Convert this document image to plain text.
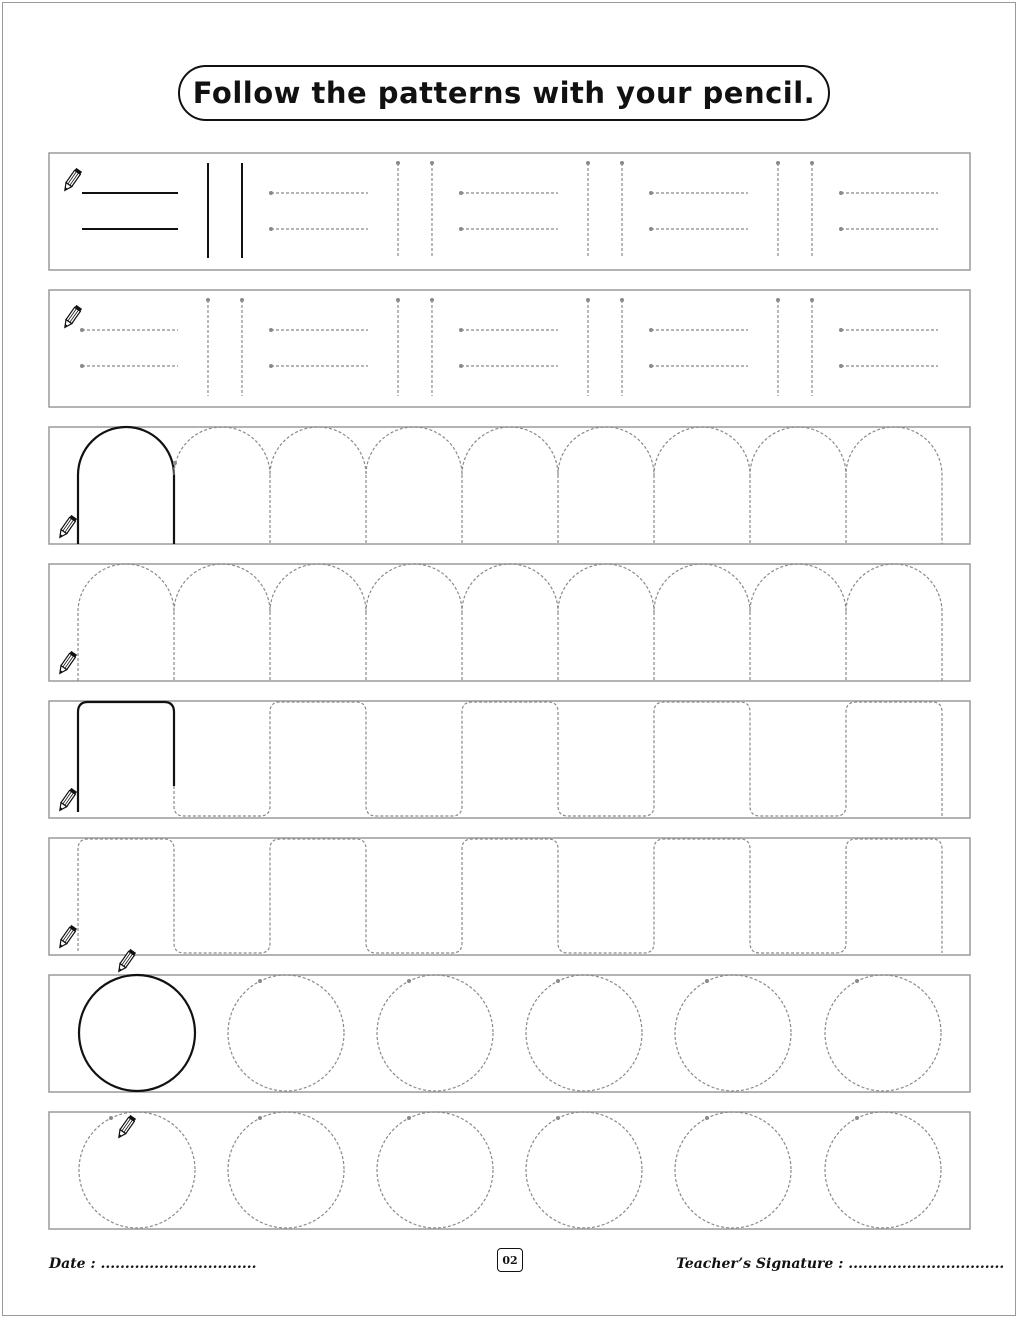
Follow the patterns with your pencil.
Date : ................................	02	Teacher’s Signature : ................................
